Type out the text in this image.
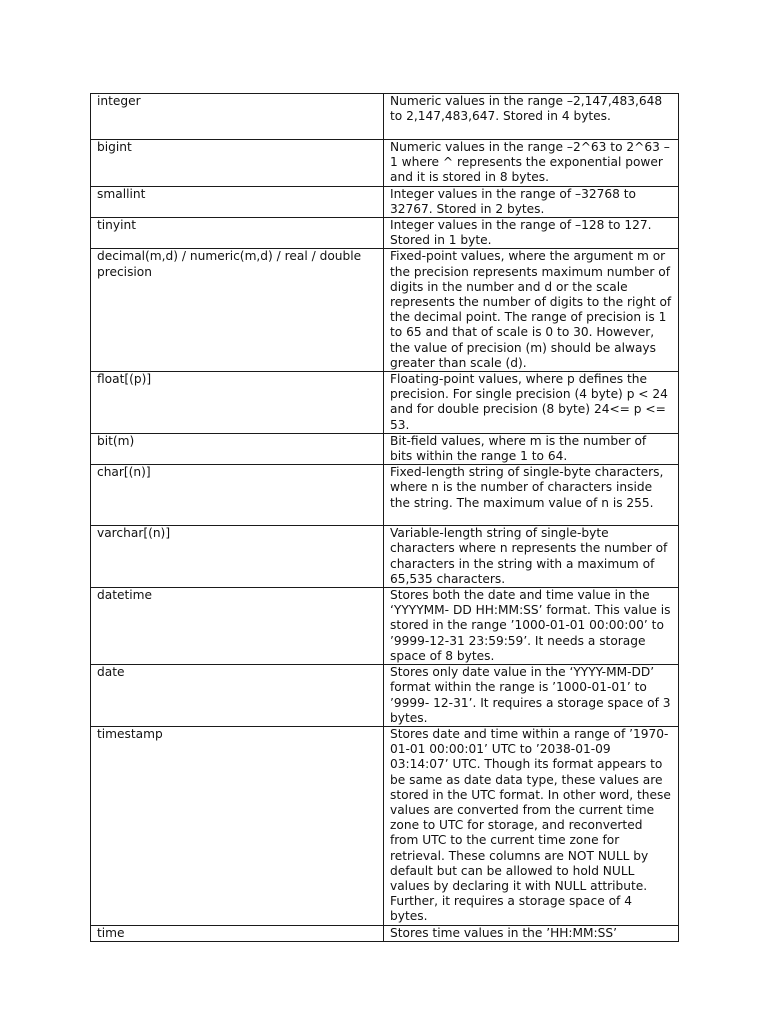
integer	Numeric values in the range –2,147,483,648 to 2,147,483,647. Stored in 4 bytes.
bigint	Numeric values in the range –2^63 to 2^63 – 1 where ^ represents the exponential power and it is stored in 8 bytes.
smallint	Integer values in the range of –32768 to 32767. Stored in 2 bytes.
tinyint	Integer values in the range of –128 to 127. Stored in 1 byte.
decimal(m,d) / numeric(m,d) / real / double precision	Fixed-point values, where the argument m or the precision represents maximum number of digits in the number and d or the scale represents the number of digits to the right of the decimal point. The range of precision is 1 to 65 and that of scale is 0 to 30. However, the value of precision (m) should be always greater than scale (d).
float[(p)]	Floating-point values, where p defines the precision. For single precision (4 byte) p < 24 and for double precision (8 byte) 24<= p <= 53.
bit(m)	Bit-field values, where m is the number of bits within the range 1 to 64.
char[(n)]	Fixed-length string of single-byte characters, where n is the number of characters inside the string. The maximum value of n is 255.
varchar[(n)]	Variable-length string of single-byte characters where n represents the number of characters in the string with a maximum of 65,535 characters.
datetime	Stores both the date and time value in the ‘YYYYMM- DD HH:MM:SS’ format. This value is stored in the range ’1000-01-01 00:00:00’ to ’9999-12-31 23:59:59’. It needs a storage space of 8 bytes.
date	Stores only date value in the ‘YYYY-MM-DD’ format within the range is ’1000-01-01’ to ’9999- 12-31’. It requires a storage space of 3 bytes.
timestamp	Stores date and time within a range of ’1970-01-01 00:00:01’ UTC to ’2038-01-09 03:14:07’ UTC. Though its format appears to be same as date data type, these values are stored in the UTC format. In other word, these values are converted from the current time zone to UTC for storage, and reconverted from UTC to the current time zone for retrieval. These columns are NOT NULL by default but can be allowed to hold NULL values by declaring it with NULL attribute. Further, it requires a storage space of 4 bytes.
time	Stores time values in the ’HH:MM:SS’
